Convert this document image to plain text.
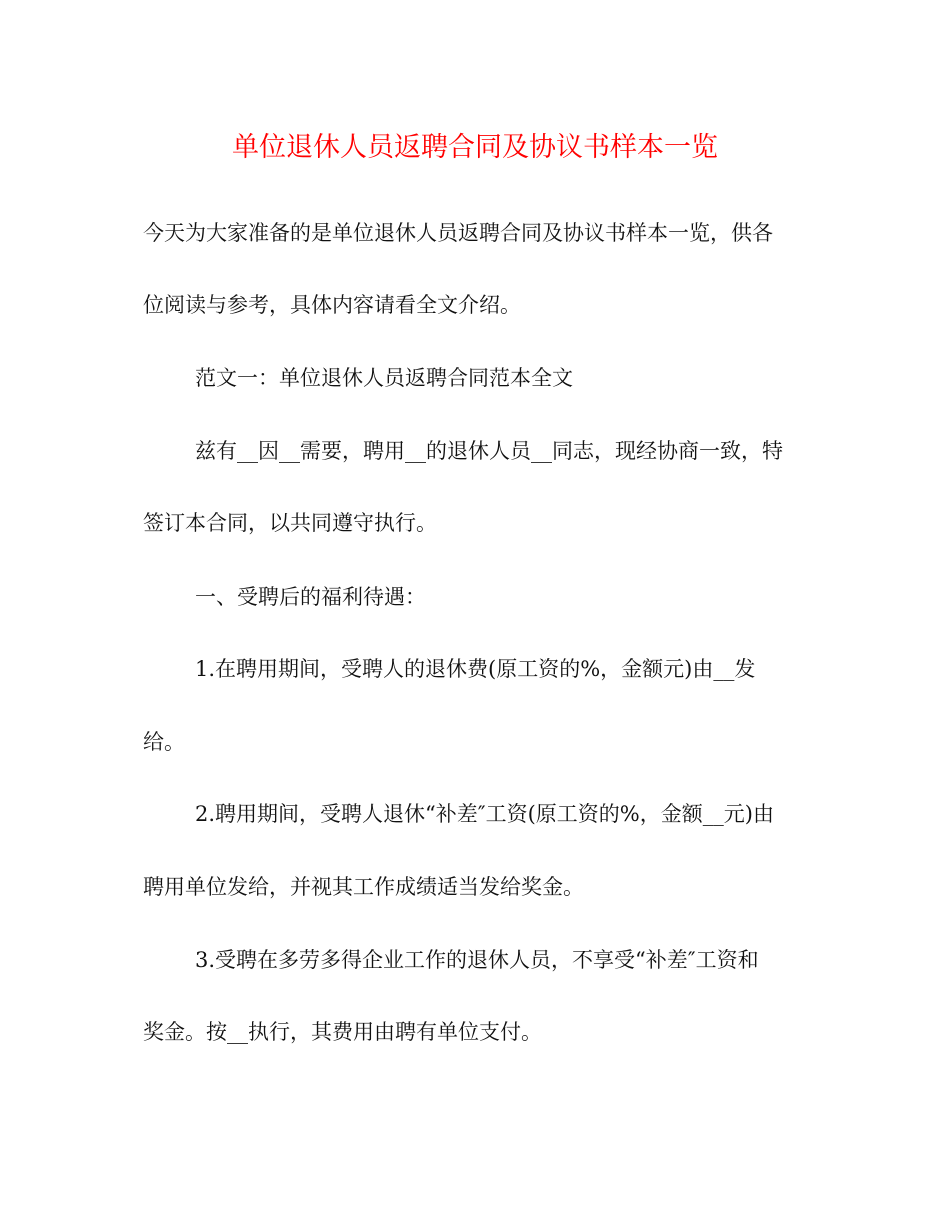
单位退休人员返聘合同及协议书样本一览
今天为大家准备的是单位退休人员返聘合同及协议书样本一览，供各
位阅读与参考，具体内容请看全文介绍。
范文一：单位退休人员返聘合同范本全文
兹有__因__需要，聘用__的退休人员__同志，现经协商一致，特
签订本合同，以共同遵守执行。
一、受聘后的福利待遇：
1.在聘用期间，受聘人的退休费(原工资的%，金额元)由__发
给。
2.聘用期间，受聘人退休“补差″工资(原工资的%，金额__元)由
聘用单位发给，并视其工作成绩适当发给奖金。
3.受聘在多劳多得企业工作的退休人员，不享受“补差″工资和
奖金。按__执行，其费用由聘有单位支付。
